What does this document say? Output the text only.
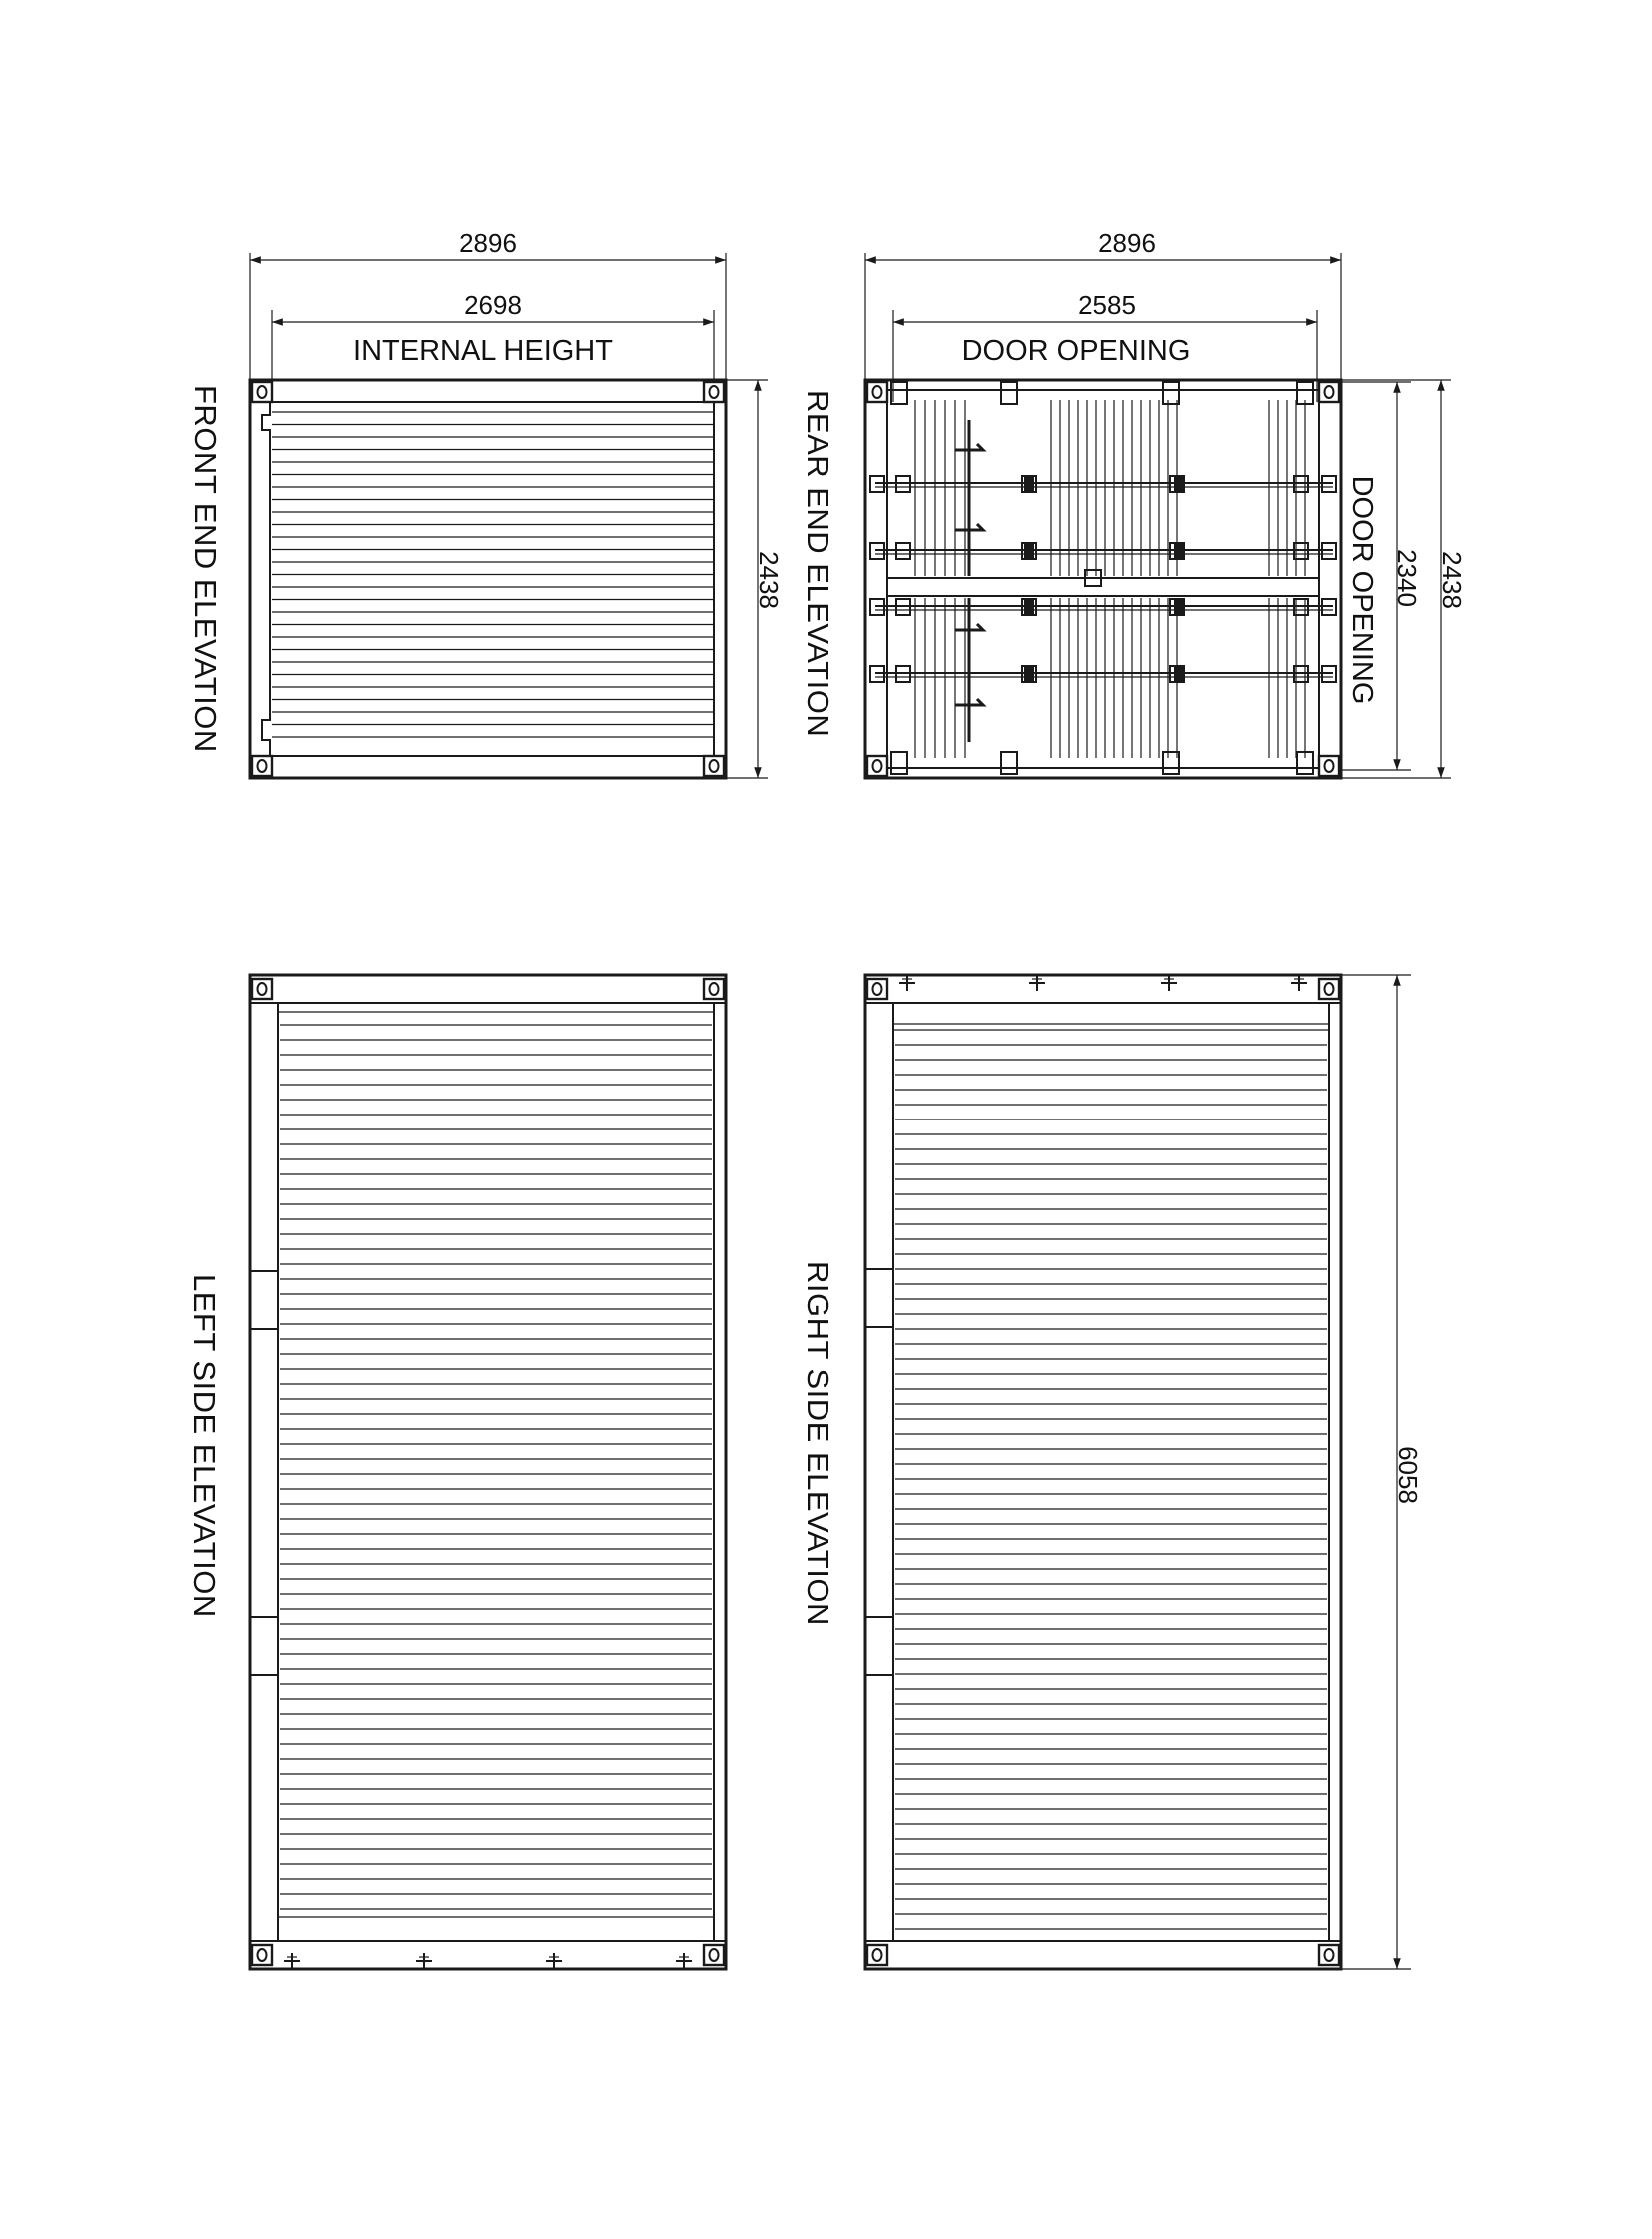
2896
2698
INTERNAL HEIGHT
2438
2896
2585
DOOR OPENING
2438
2340
DOOR OPENING
6058
FRONT END ELEVATION	REAR END ELEVATION
LEFT SIDE ELEVATION	RIGHT SIDE ELEVATION
